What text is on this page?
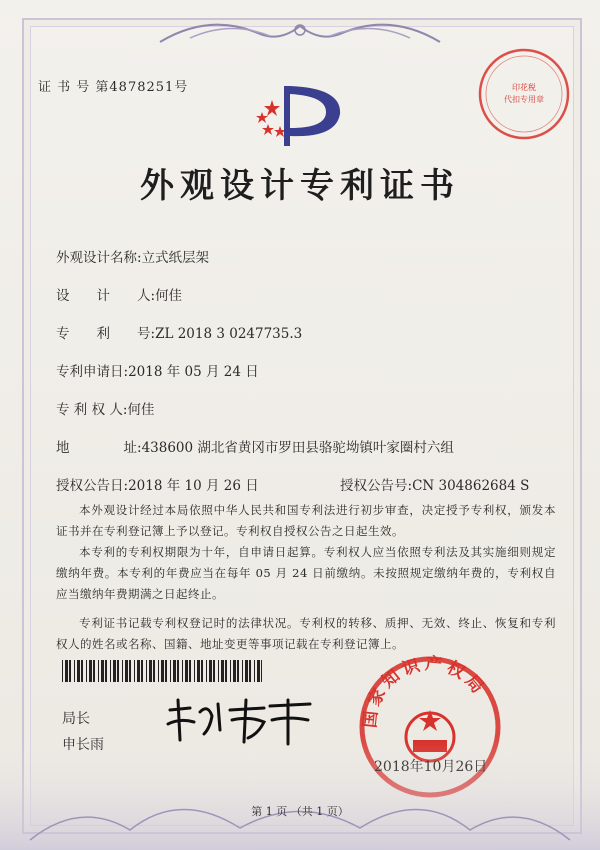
证 书 号 第4878251号	印花税
代扣专用章
外观设计专利证书
外观设计名称:立式纸层架
设　　计　　人:何佳
专　　利　　号:ZL 2018 3 0247735.3
专利申请日:2018 年 05 月 24 日
专 利 权 人:何佳
地　　　　址:438600 湖北省黄冈市罗田县骆驼坳镇叶家圈村六组
授权公告日:2018 年 10 月 26 日	授权公告号:CN 304862684 S

本外观设计经过本局依照中华人民共和国专利法进行初步审查，决定授予专利权，颁发本证书并在专利登记簿上予以登记。专利权自授权公告之日起生效。

本专利的专利权期限为十年，自申请日起算。专利权人应当依照专利法及其实施细则规定缴纳年费。本专利的年费应当在每年 05 月 24 日前缴纳。未按照规定缴纳年费的，专利权自应当缴纳年费期满之日起终止。

专利证书记载专利权登记时的法律状况。专利权的转移、质押、无效、终止、恢复和专利权人的姓名或名称、国籍、地址变更等事项记载在专利登记簿上。

局长	国家知识产权局
第 1 页 （共 1 页）
